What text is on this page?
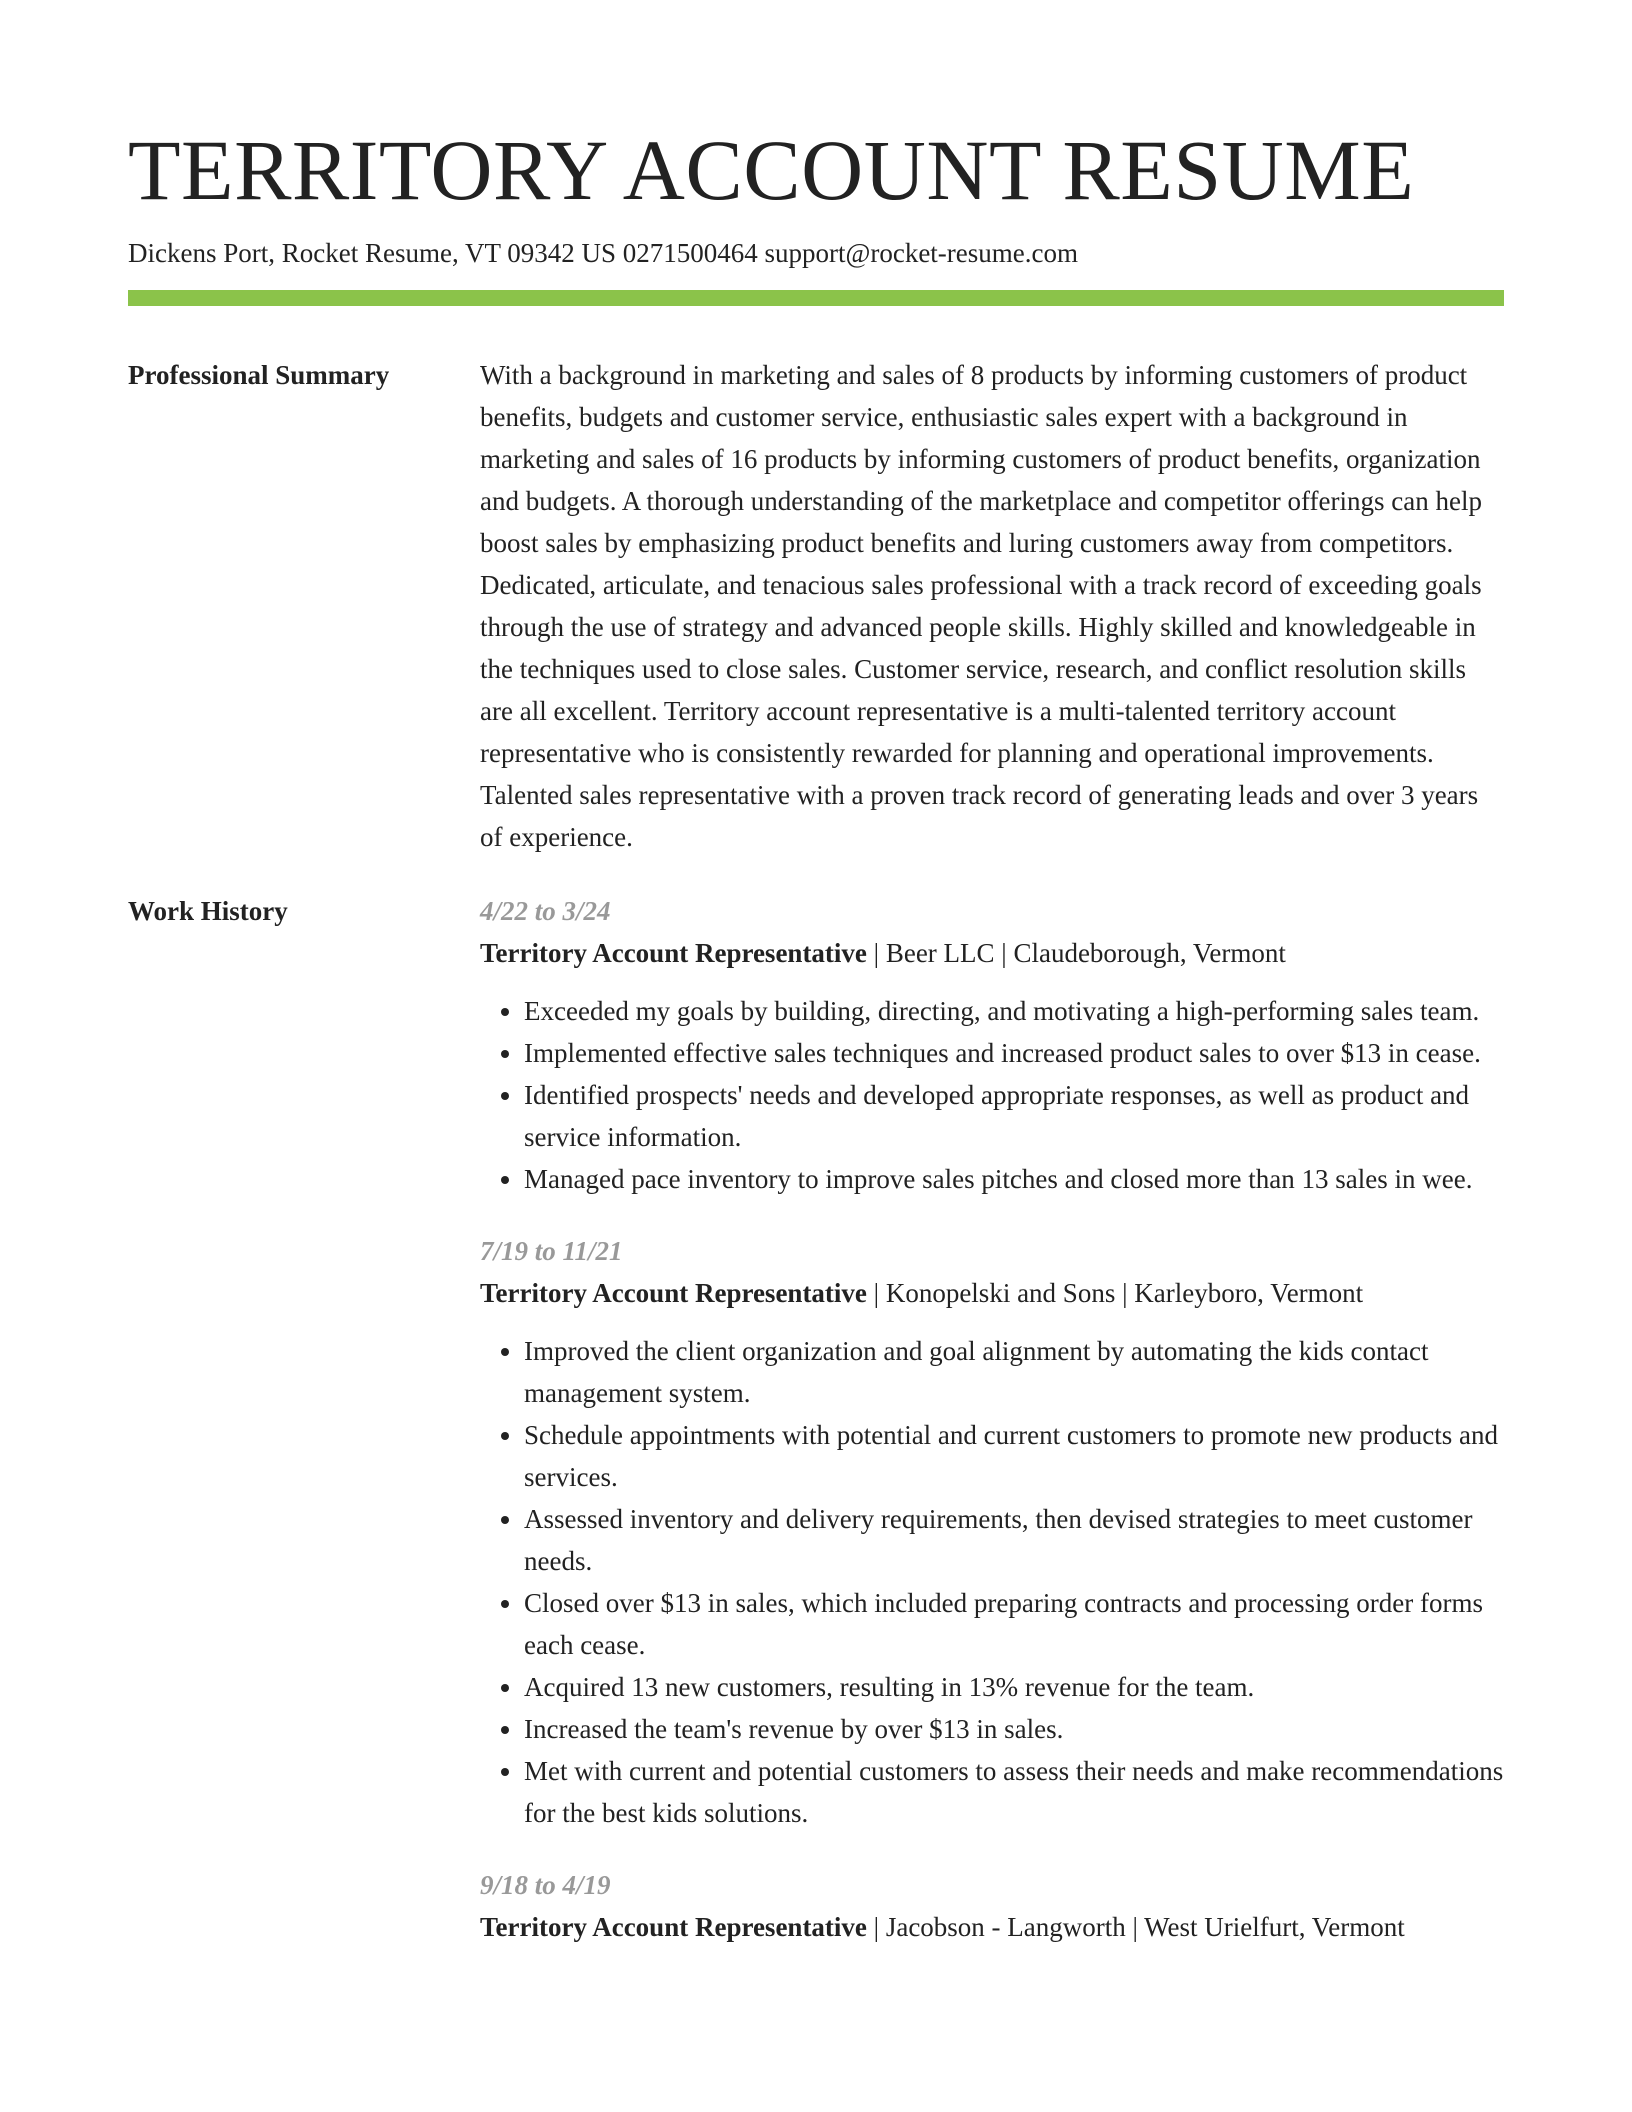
TERRITORY ACCOUNT RESUME
Dickens Port, Rocket Resume, VT 09342 US 0271500464 support@rocket-resume.com
Professional Summary	With a background in marketing and sales of 8 products by informing customers of product benefits, budgets and customer service, enthusiastic sales expert with a background in marketing and sales of 16 products by informing customers of product benefits, organization and budgets. A thorough understanding of the marketplace and competitor offerings can help boost sales by emphasizing product benefits and luring customers away from competitors. Dedicated, articulate, and tenacious sales professional with a track record of exceeding goals through the use of strategy and advanced people skills. Highly skilled and knowledgeable in the techniques used to close sales. Customer service, research, and conflict resolution skills are all excellent. Territory account representative is a multi-talented territory account representative who is consistently rewarded for planning and operational improvements. Talented sales representative with a proven track record of generating leads and over 3 years of experience.

Work History	4/22 to 3/24
Territory Account Representative | Beer LLC | Claudeborough, Vermont
• Exceeded my goals by building, directing, and motivating a high-performing sales team.
• Implemented effective sales techniques and increased product sales to over $13 in cease.
• Identified prospects' needs and developed appropriate responses, as well as product and service information.
• Managed pace inventory to improve sales pitches and closed more than 13 sales in wee.
7/19 to 11/21
Territory Account Representative | Konopelski and Sons | Karleyboro, Vermont
• Improved the client organization and goal alignment by automating the kids contact management system.
• Schedule appointments with potential and current customers to promote new products and services.
• Assessed inventory and delivery requirements, then devised strategies to meet customer needs.
• Closed over $13 in sales, which included preparing contracts and processing order forms each cease.
• Acquired 13 new customers, resulting in 13% revenue for the team.
• Increased the team's revenue by over $13 in sales.
• Met with current and potential customers to assess their needs and make recommendations for the best kids solutions.
9/18 to 4/19
Territory Account Representative | Jacobson - Langworth | West Urielfurt, Vermont
